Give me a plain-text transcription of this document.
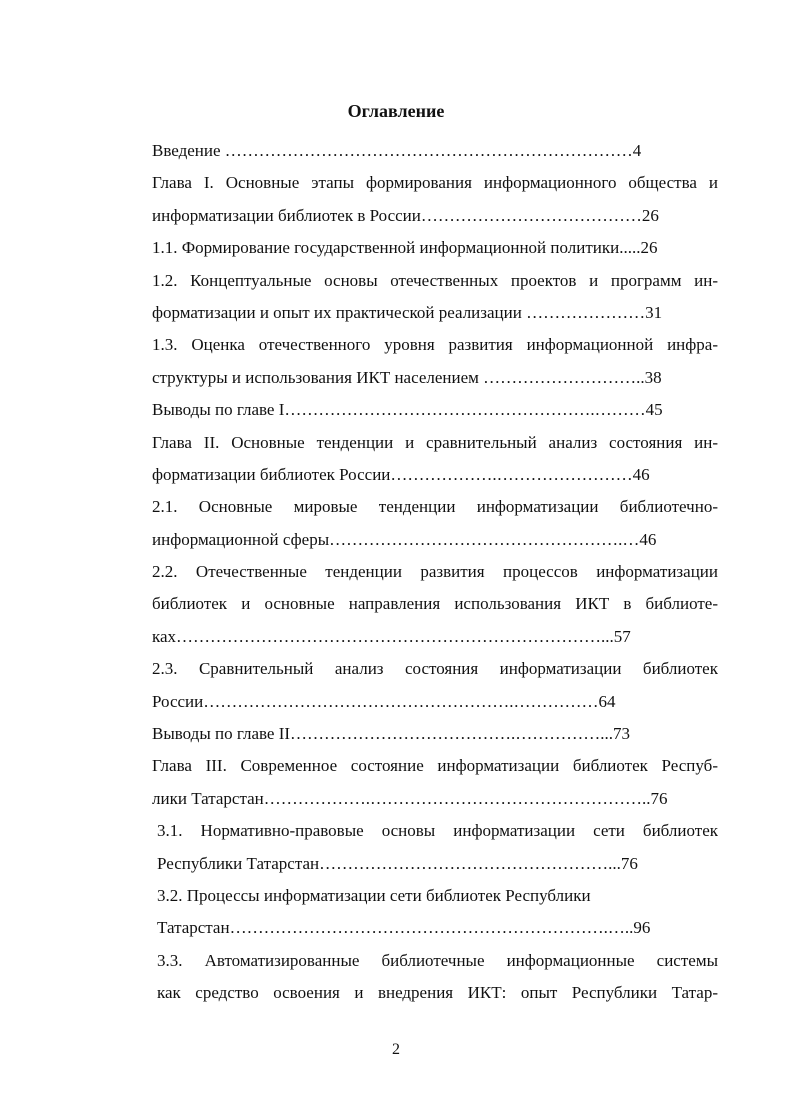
Оглавление
Введение ………………………………………………………………4
Глава I. Основные этапы формирования информационного общества и
информатизации библиотек в России…………………………………26
1.1. Формирование государственной информационной политики.....26
1.2. Концептуальные основы отечественных проектов и программ ин-
форматизации и опыт их практической реализации …………………31
1.3. Оценка отечественного уровня развития информационной инфра-
структуры и использования ИКТ населением ………………………..38
Выводы по главе I……………………………………………….………45
Глава II. Основные тенденции и сравнительный анализ состояния ин-
форматизации библиотек России……………….……………………46
2.1. Основные мировые тенденции информатизации библиотечно-
информационной сферы…………………………………………….…46
2.2. Отечественные тенденции развития процессов информатизации
библиотек и основные направления использования ИКТ в библиоте-
ках…………………………………………………………………...57
2.3. Сравнительный анализ состояния информатизации библиотек
России……………………………………………….……………64
Выводы по главе II………………………………….……………...73
Глава III. Современное состояние информатизации библиотек Респуб-
лики Татарстан……………….…………………………………………..76
3.1. Нормативно-правовые основы информатизации сети библиотек
Республики Татарстан……………………………………………...76
3.2. Процессы информатизации сети библиотек Республики
Татарстан………………………………………………………….…..96
3.3. Автоматизированные библиотечные информационные системы
как средство освоения и внедрения ИКТ: опыт Республики Татар-
2
